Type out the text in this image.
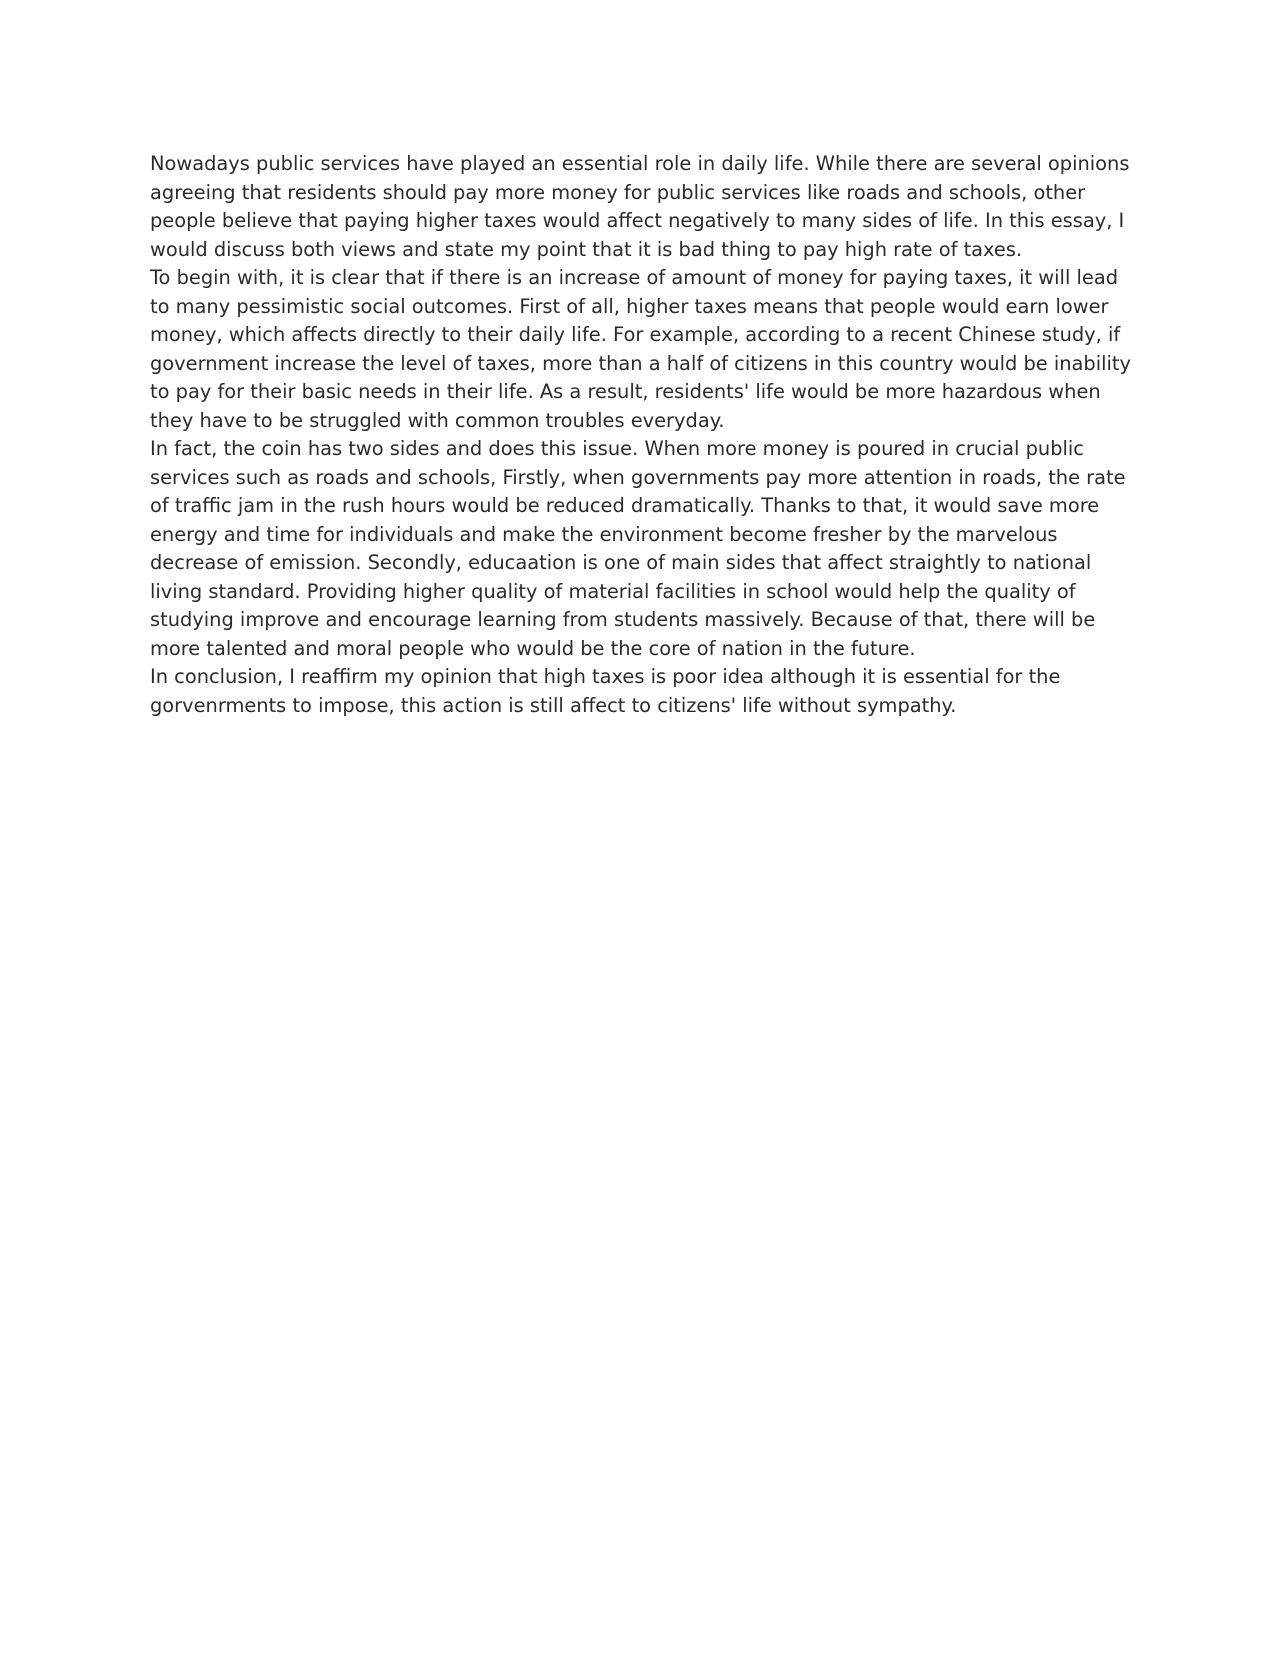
Nowadays public services have played an essential role in daily life. While there are several opinions agreeing that residents should pay more money for public services like roads and schools, other people believe that paying higher taxes would affect negatively to many sides of life. In this essay, I would discuss both views and state my point that it is bad thing to pay high rate of taxes.

To begin with, it is clear that if there is an increase of amount of money for paying taxes, it will lead to many pessimistic social outcomes. First of all, higher taxes means that people would earn lower money, which affects directly to their daily life. For example, according to a recent Chinese study, if government increase the level of taxes, more than a half of citizens in this country would be inability to pay for their basic needs in their life. As a result, residents' life would be more hazardous when they have to be struggled with common troubles everyday.

In fact, the coin has two sides and does this issue. When more money is poured in crucial public services such as roads and schools, Firstly, when governments pay more attention in roads, the rate of traffic jam in the rush hours would be reduced dramatically. Thanks to that, it would save more energy and time for individuals and make the environment become fresher by the marvelous decrease of emission. Secondly, educaation is one of main sides that affect straightly to national living standard. Providing higher quality of material facilities in school would help the quality of studying improve and encourage learning from students massively. Because of that, there will be more talented and moral people who would be the core of nation in the future.

In conclusion, I reaffirm my opinion that high taxes is poor idea although it is essential for the gorvenrments to impose, this action is still affect to citizens' life without sympathy.
